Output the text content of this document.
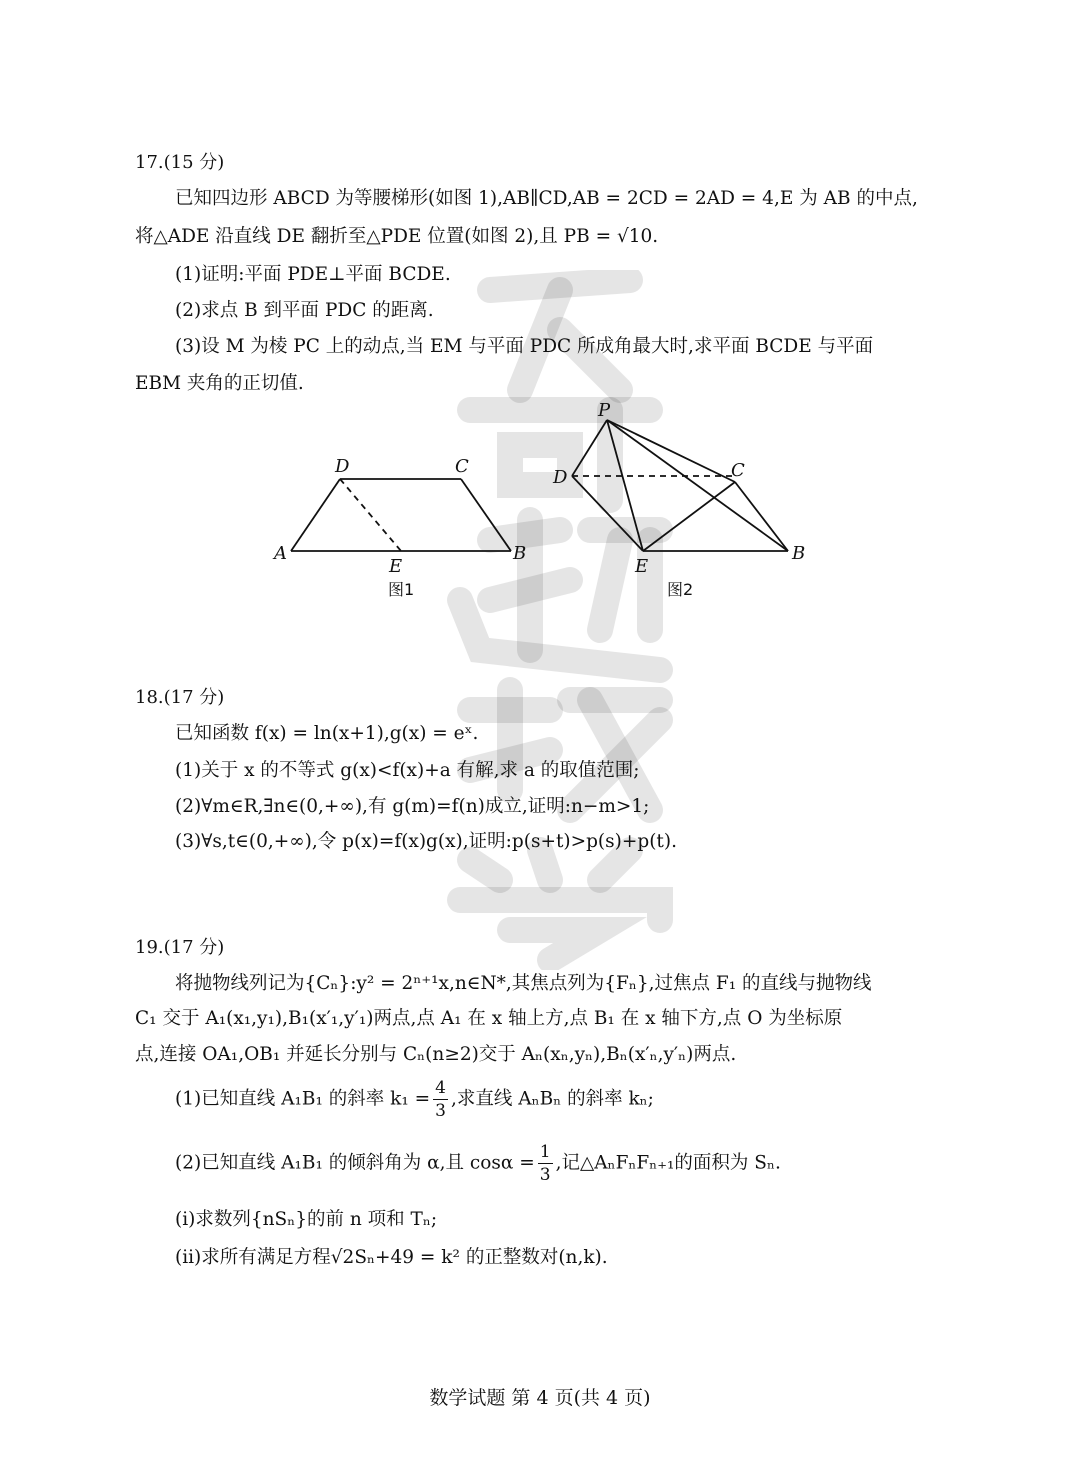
17.(15 分)
已知四边形 ABCD 为等腰梯形(如图 1),AB∥CD,AB = 2CD = 2AD = 4,E 为 AB 的中点,
将△ADE 沿直线 DE 翻折至△PDE 位置(如图 2),且 PB = √10.
(1)证明:平面 PDE⊥平面 BCDE.
(2)求点 B 到平面 PDC 的距离.
(3)设 M 为棱 PC 上的动点,当 EM 与平面 PDC 所成角最大时,求平面 BCDE 与平面
EBM 夹角的正切值.
A	B
C
D
E
图1
P
D	C
E
B
图2
18.(17 分)
已知函数 f(x) = ln(x+1),g(x) = eˣ.
(1)关于 x 的不等式 g(x)<f(x)+a 有解,求 a 的取值范围;
(2)∀m∈R,∃n∈(0,+∞),有 g(m)=f(n)成立,证明:n−m>1;
(3)∀s,t∈(0,+∞),令 p(x)=f(x)g(x),证明:p(s+t)>p(s)+p(t).
19.(17 分)
将抛物线列记为{Cₙ}:y² = 2ⁿ⁺¹x,n∈N*,其焦点列为{Fₙ},过焦点 F₁ 的直线与抛物线
C₁ 交于 A₁(x₁,y₁),B₁(x′₁,y′₁)两点,点 A₁ 在 x 轴上方,点 B₁ 在 x 轴下方,点 O 为坐标原
点,连接 OA₁,OB₁ 并延长分别与 Cₙ(n≥2)交于 Aₙ(xₙ,yₙ),Bₙ(x′ₙ,y′ₙ)两点.
(1)已知直线 A₁B₁ 的斜率 $k_1 = \frac{4}{3}$ ,求直线 AₙBₙ 的斜率 kₙ;
(2)已知直线 A₁B₁ 的倾斜角为 α,且 $\cos\alpha = \frac{1}{3}$ ,记△AₙFₙFₙ₊₁的面积为 Sₙ.
(i)求数列{nSₙ}的前 n 项和 Tₙ;
(ii)求所有满足方程√2Sₙ+49 = k² 的正整数对(n,k).
数学试题 第 4 页(共 4 页)
